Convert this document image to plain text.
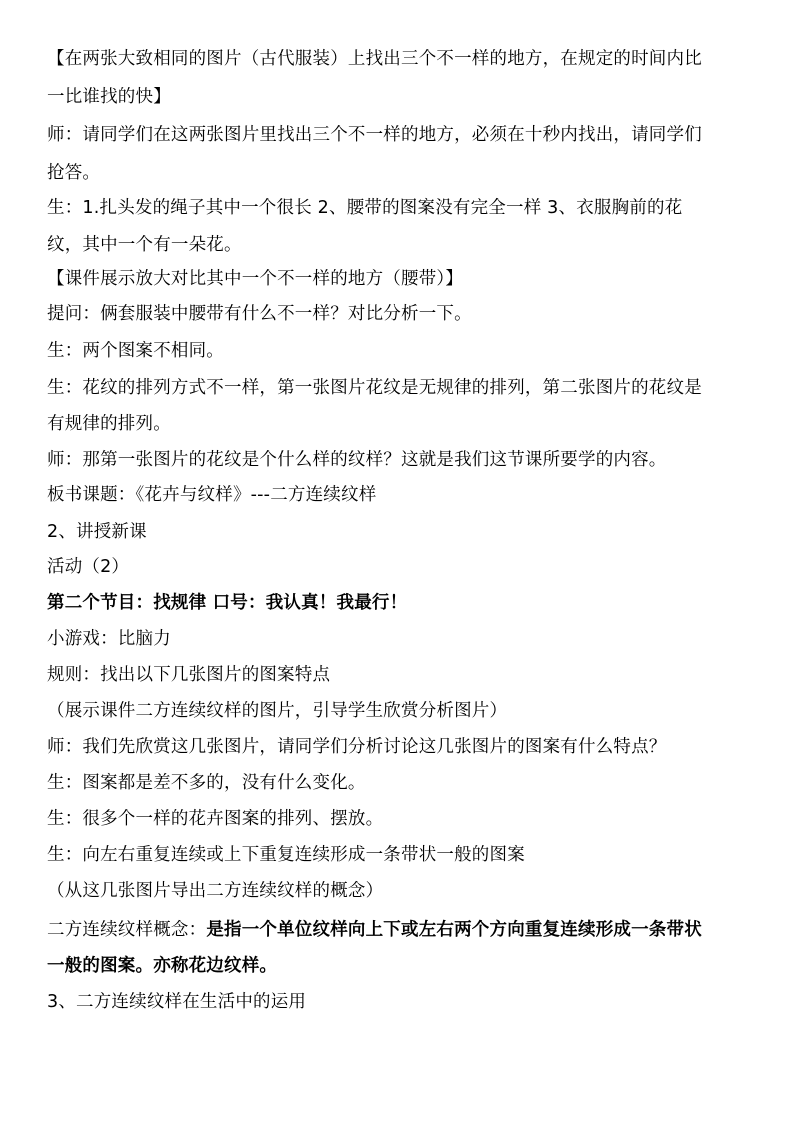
【在两张大致相同的图片（古代服装）上找出三个不一样的地方，在规定的时间内比
一比谁找的快】
师：请同学们在这两张图片里找出三个不一样的地方，必须在十秒内找出，请同学们
抢答。
生：1.扎头发的绳子其中一个很长 2、腰带的图案没有完全一样 3、衣服胸前的花
纹，其中一个有一朵花。
【课件展示放大对比其中一个不一样的地方（腰带）】
提问：俩套服装中腰带有什么不一样？对比分析一下。
生：两个图案不相同。
生：花纹的排列方式不一样，第一张图片花纹是无规律的排列，第二张图片的花纹是
有规律的排列。
师：那第一张图片的花纹是个什么样的纹样？这就是我们这节课所要学的内容。
板书课题：《花卉与纹样》---二方连续纹样
2、讲授新课
活动（2）
第二个节目：找规律 口号：我认真！我最行！
小游戏：比脑力
规则：找出以下几张图片的图案特点
（展示课件二方连续纹样的图片，引导学生欣赏分析图片）
师：我们先欣赏这几张图片，请同学们分析讨论这几张图片的图案有什么特点？
生：图案都是差不多的，没有什么变化。
生：很多个一样的花卉图案的排列、摆放。
生：向左右重复连续或上下重复连续形成一条带状一般的图案
（从这几张图片导出二方连续纹样的概念）
二方连续纹样概念：是指一个单位纹样向上下或左右两个方向重复连续形成一条带状
一般的图案。亦称花边纹样。
3、二方连续纹样在生活中的运用
